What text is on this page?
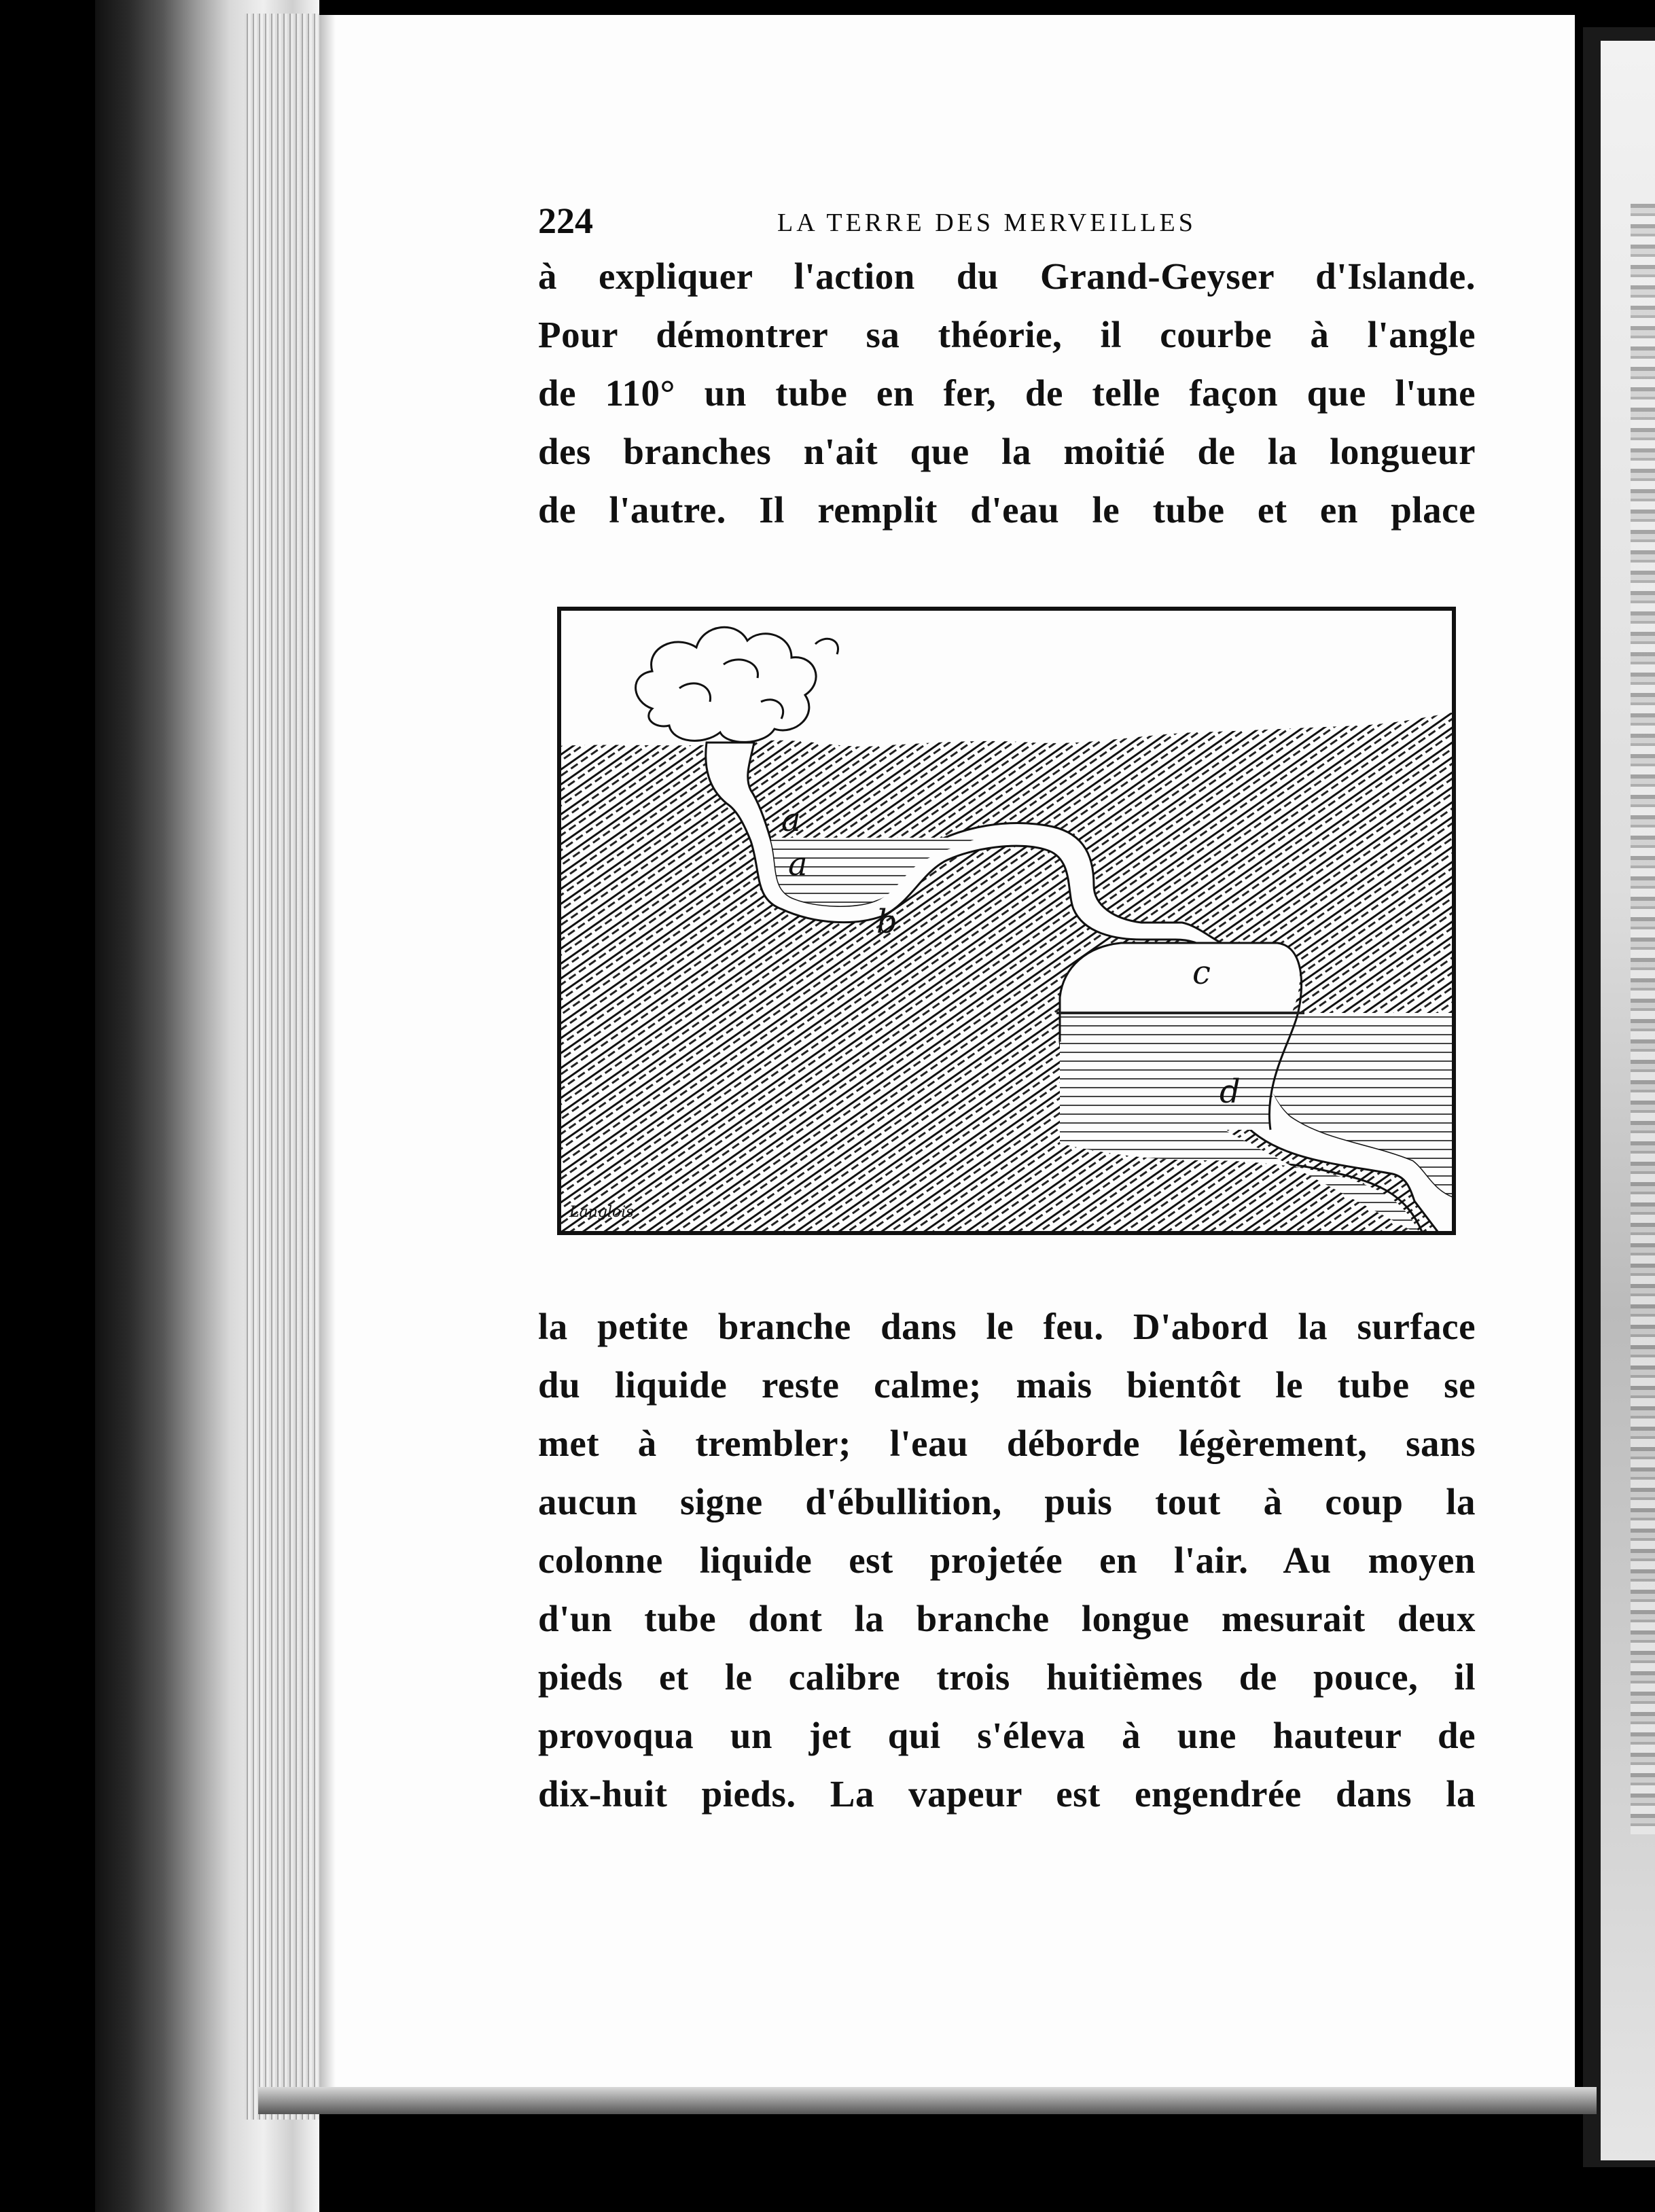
224	LA TERRE DES MERVEILLES
à expliquer l'action du Grand-Geyser d'Islande.
Pour démontrer sa théorie, il courbe à l'angle
de 110° un tube en fer, de telle façon que l'une
des branches n'ait que la moitié de la longueur
de l'autre. Il remplit d'eau le tube et en place
a
a
b
c
d
Langlois
la petite branche dans le feu. D'abord la surface
du liquide reste calme; mais bientôt le tube se
met à trembler; l'eau déborde légèrement, sans
aucun signe d'ébullition, puis tout à coup la
colonne liquide est projetée en l'air. Au moyen
d'un tube dont la branche longue mesurait deux
pieds et le calibre trois huitièmes de pouce, il
provoqua un jet qui s'éleva à une hauteur de
dix-huit pieds. La vapeur est engendrée dans la
